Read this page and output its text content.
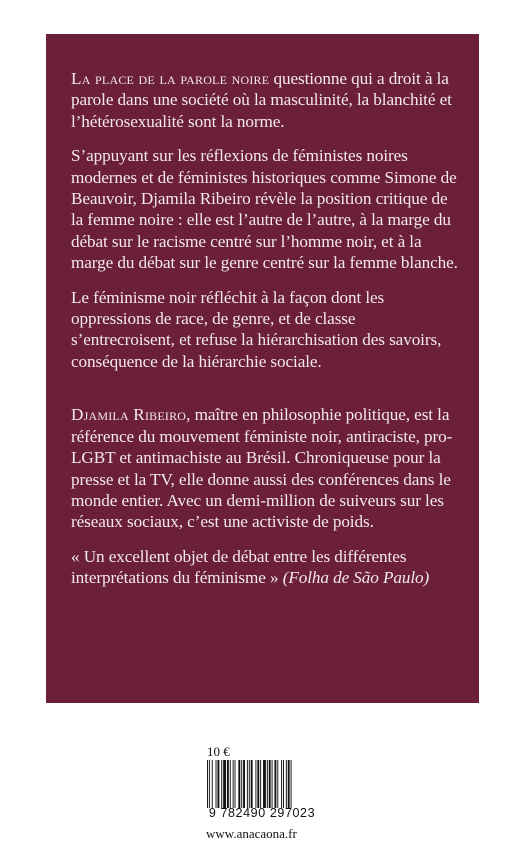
La place de la parole noire questionne qui a droit à la parole dans une société où la masculinité, la blanchité et l’hétérosexualité sont la norme.

S’appuyant sur les réflexions de féministes noires modernes et de féministes historiques comme Simone de Beauvoir, Djamila Ribeiro révèle la position critique de la femme noire : elle est l’autre de l’autre, à la marge du débat sur le racisme centré sur l’homme noir, et à la marge du débat sur le genre centré sur la femme blanche.

Le féminisme noir réfléchit à la façon dont les oppressions de race, de genre, et de classe s’entrecroisent, et refuse la hiérarchisation des savoirs, conséquence de la hiérarchie sociale.

Djamila Ribeiro, maître en philosophie politique, est la référence du mouvement féministe noir, antiraciste, pro-LGBT et antimachiste au Brésil. Chroniqueuse pour la presse et la TV, elle donne aussi des conférences dans le monde entier. Avec un demi-million de suiveurs sur les réseaux sociaux, c’est une activiste de poids.

« Un excellent objet de débat entre les différentes interprétations du féminisme » (Folha de São Paulo)

10 €
9 782490 297023
www.anacaona.fr
